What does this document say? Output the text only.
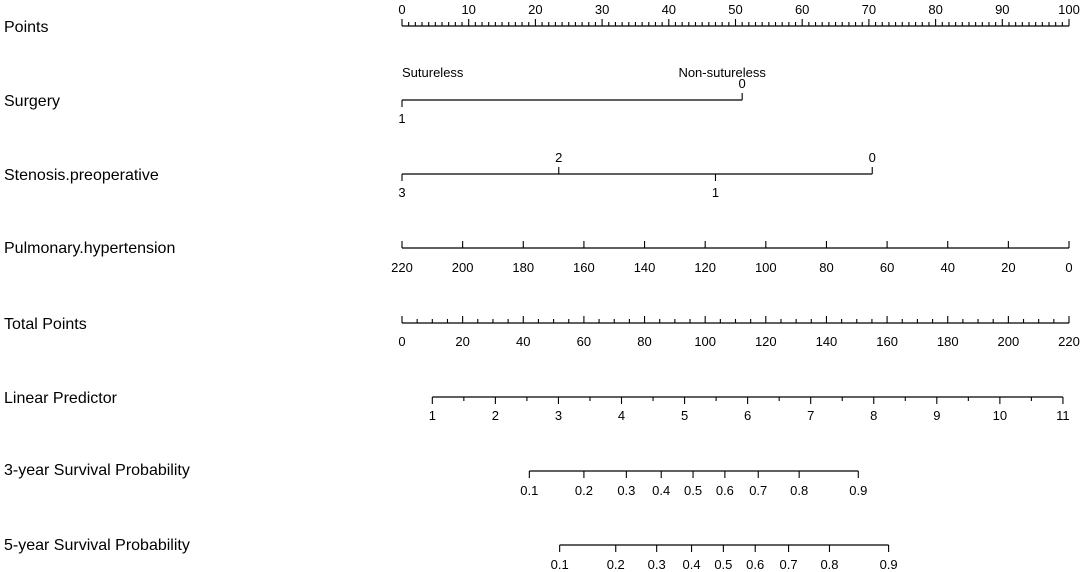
Points
Surgery
Stenosis.preoperative
Pulmonary.hypertension
Total Points
Linear Predictor
3-year Survival Probability
5-year Survival Probability
0	10	20	30	40	50	60	70	80	90	100
1
0
Sutureless	Non-sutureless
3
2
1
0
220	200	180	160	140	120	100	80	60	40	20	0
0	20	40	60	80	100	120	140	160	180	200	220
1	2	3	4	5	6	7	8	9	10	11
0.1	0.2 0.3 0.4 0.5 0.6 0.7 0.8	0.9
0.1	0.2 0.3 0.4 0.5 0.6 0.7 0.8	0.9
